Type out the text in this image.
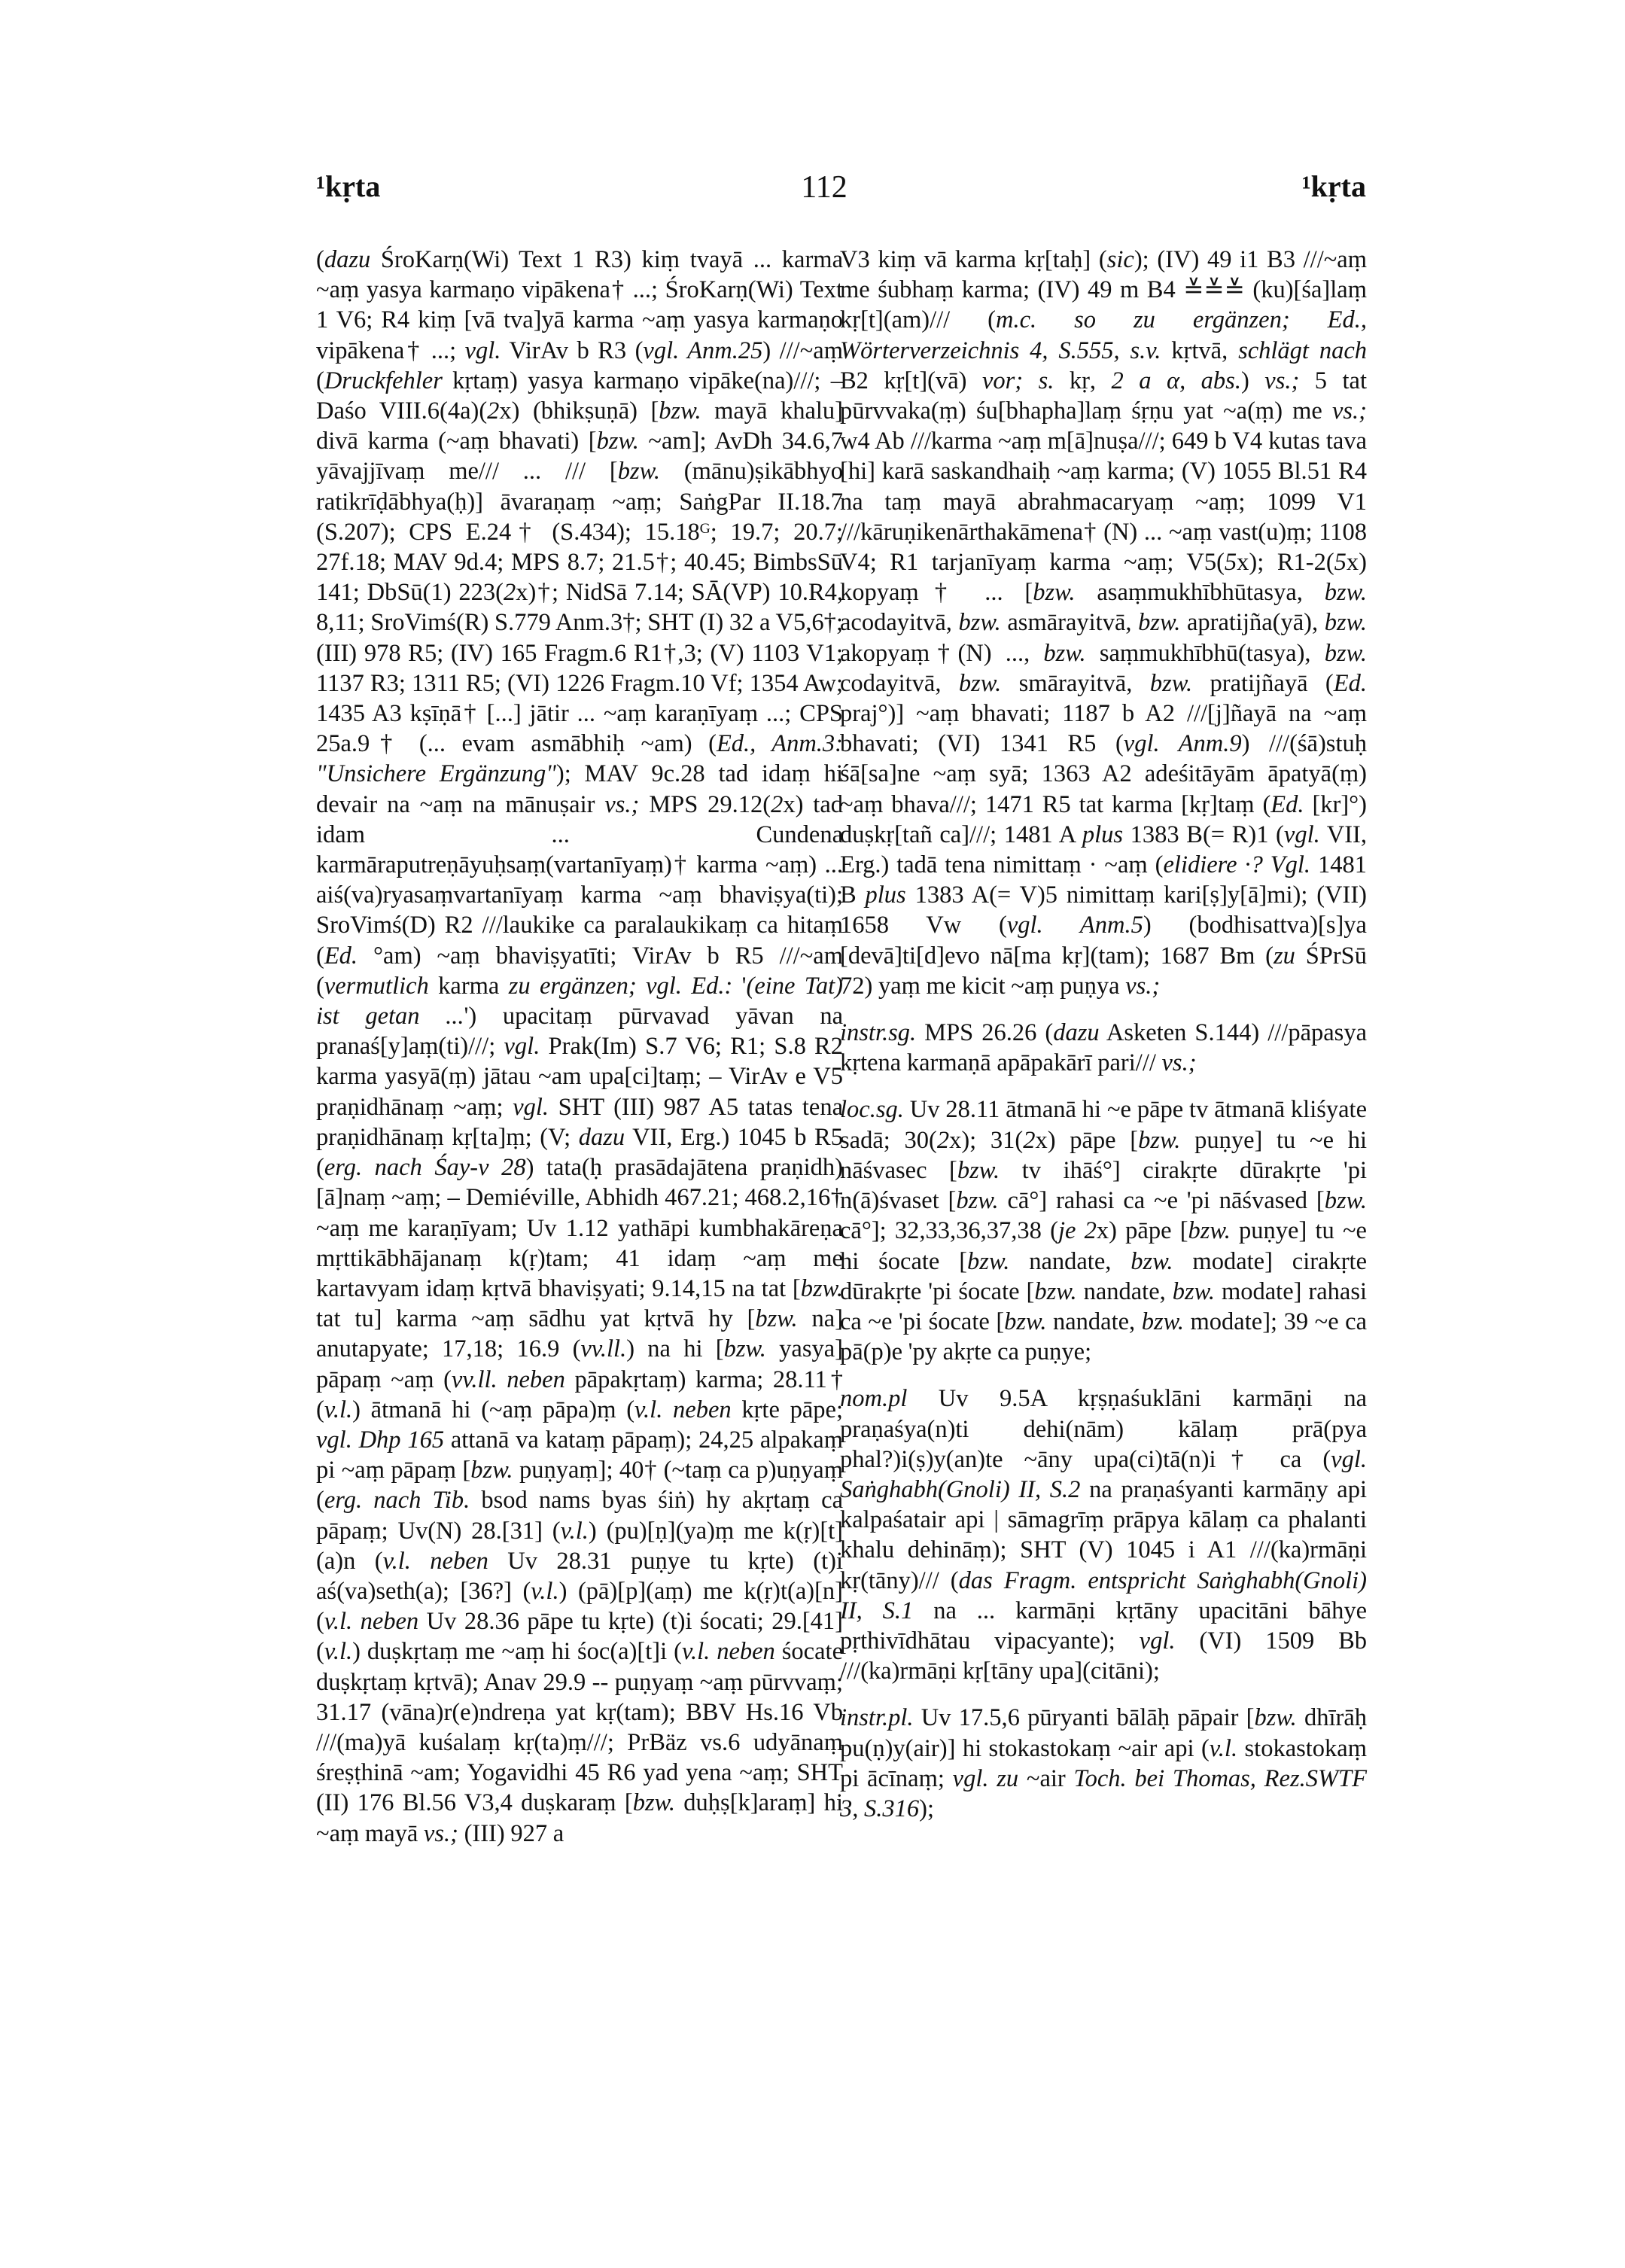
¹kṛta	112	¹kṛta
(dazu ŚroKarṇ(Wi) Text 1 R3) kiṃ tvayā ... karma ~aṃ yasya karmaṇo vipākena† ...; ŚroKarṇ(Wi) Text 1 V6; R4 kiṃ [vā tva]yā karma ~aṃ yasya karmaṇo vipākena† ...; vgl. VirAv b R3 (vgl. Anm.25) ///~aṃ (Druckfehler kṛtaṃ) yasya karmaṇo vipāke(na)///; – Daśo VIII.6(4a)(2x) (bhikṣuṇā) [bzw. mayā khalu] divā karma (~aṃ bhavati) [bzw. ~am]; AvDh 34.6,7 yāvajjīvaṃ me/// ... /// [bzw. (mānu)ṣikābhyo ratikrīḍābhya(ḥ)] āvaraṇaṃ ~aṃ; SaṅgPar II.18.7 (S.207); CPS E.24† (S.434); 15.18ᴳ; 19.7; 20.7; 27f.18; MAV 9d.4; MPS 8.7; 21.5†; 40.45; BimbsSū 141; DbSū(1) 223(2x)†; NidSā 7.14; SĀ(VP) 10.R4, 8,11; SroVimś(R) S.779 Anm.3†; SHT (I) 32 a V5,6†; (III) 978 R5; (IV) 165 Fragm.6 R1†,3; (V) 1103 V1; 1137 R3; 1311 R5; (VI) 1226 Fragm.10 Vf; 1354 Aw; 1435 A3 kṣīṇā† [...] jātir ... ~aṃ karaṇīyaṃ ...; CPS 25a.9† (... evam asmābhiḥ ~am) (Ed., Anm.3: "Unsichere Ergänzung"); MAV 9c.28 tad idaṃ hi devair na ~aṃ na mānuṣair vs.; MPS 29.12(2x) tad idam ... Cundena karmāraputreṇāyuḥsaṃ(vartanīyaṃ)† karma ~aṃ) ... aiś(va)ryasaṃvartanīyaṃ karma ~aṃ bhaviṣya(ti); SroVimś(D) R2 ///laukike ca paralaukikaṃ ca hitaṃ (Ed. °am) ~aṃ bhaviṣyatīti; VirAv b R5 ///~am (vermutlich karma zu ergänzen; vgl. Ed.: '(eine Tat) ist getan ...') upacitaṃ pūrvavad yāvan na pranaś[y]aṃ(ti)///; vgl. Prak(Im) S.7 V6; R1; S.8 R2 karma yasyā(ṃ) jātau ~am upa[ci]taṃ; – VirAv e V5 praṇidhānaṃ ~aṃ; vgl. SHT (III) 987 A5 tatas tena praṇidhānaṃ kṛ[ta]ṃ; (V; dazu VII, Erg.) 1045 b R5 (erg. nach Śay-v 28) tata(ḥ prasādajātena praṇidh)[ā]naṃ ~aṃ; – Demiéville, Abhidh 467.21; 468.2,16† ~aṃ me karaṇīyam; Uv 1.12 yathāpi kumbhakāreṇa mṛttikābhājanaṃ k(ṛ)tam; 41 idaṃ ~aṃ me kartavyam idaṃ kṛtvā bhaviṣyati; 9.14,15 na tat [bzw. tat tu] karma ~aṃ sādhu yat kṛtvā hy [bzw. na] anutapyate; 17,18; 16.9 (vv.ll.) na hi [bzw. yasya] pāpaṃ ~aṃ (vv.ll. neben pāpakṛtaṃ) karma; 28.11† (v.l.) ātmanā hi (~aṃ pāpa)ṃ (v.l. neben kṛte pāpe; vgl. Dhp 165 attanā va kataṃ pāpaṃ); 24,25 alpakaṃ pi ~aṃ pāpaṃ [bzw. puṇyaṃ]; 40† (~taṃ ca p)uṇyaṃ (erg. nach Tib. bsod nams byas śiṅ) hy akṛtaṃ ca pāpaṃ; Uv(N) 28.[31] (v.l.) (pu)[ṇ](ya)ṃ me k(ṛ)[t](a)n (v.l. neben Uv 28.31 puṇye tu kṛte) (t)i aś(va)seth(a); [36?] (v.l.) (pā)[p](aṃ) me k(ṛ)t(a)[n] (v.l. neben Uv 28.36 pāpe tu kṛte) (t)i śocati; 29.[41] (v.l.) duṣkṛtaṃ me ~aṃ hi śoc(a)[t]i (v.l. neben śocate duṣkṛtaṃ kṛtvā); Anav 29.9 -- puṇyaṃ ~aṃ pūrvvaṃ; 31.17 (vāna)r(e)ndreṇa yat kṛ(tam); BBV Hs.16 Vb ///(ma)yā kuśalaṃ kṛ(ta)ṃ///; PrBäz vs.6 udyānaṃ śreṣṭhinā ~am; Yogavidhi 45 R6 yad yena ~aṃ; SHT (II) 176 Bl.56 V3,4 duṣkaraṃ [bzw. duḥṣ[k]araṃ] hi ~aṃ mayā vs.; (III) 927 a
V3 kiṃ vā karma kṛ[taḥ] (sic); (IV) 49 i1 B3 ///~aṃ me śubhaṃ karma; (IV) 49 m B4 ≚≚≚ (ku)[śa]laṃ kṛ[t](am)/// (m.c. so zu ergänzen; Ed., Wörterverzeichnis 4, S.555, s.v. kṛtvā, schlägt nach B2 kṛ[t](vā) vor; s. kṛ, 2 a α, abs.) vs.; 5 tat pūrvvaka(ṃ) śu[bhapha]laṃ śṛṇu yat ~a(ṃ) me vs.; w4 Ab ///karma ~aṃ m[ā]nuṣa///; 649 b V4 kutas tava [hi] karā saskandhaiḥ ~aṃ karma; (V) 1055 Bl.51 R4 na taṃ mayā abrahmacaryaṃ ~aṃ; 1099 V1 ///kāruṇikenārthakāmena† (N) ... ~aṃ vast(u)ṃ; 1108 V4; R1 tarjanīyaṃ karma ~aṃ; V5(5x); R1-2(5x) kopyaṃ† ... [bzw. asaṃmukhībhūtasya, bzw. acodayitvā, bzw. asmārayitvā, bzw. apratijña(yā), bzw. akopyaṃ†(N) ..., bzw. saṃmukhībhū(tasya), bzw. codayitvā, bzw. smārayitvā, bzw. pratijñayā (Ed. praj°)] ~aṃ bhavati; 1187 b A2 ///[j]ñayā na ~aṃ bhavati; (VI) 1341 R5 (vgl. Anm.9) ///(śā)stuḥ śā[sa]ne ~aṃ syā; 1363 A2 adeśitāyām āpatyā(ṃ) ~aṃ bhava///; 1471 R5 tat karma [kṛ]taṃ (Ed. [kr]°) duṣkṛ[tañ ca]///; 1481 A plus 1383 B(= R)1 (vgl. VII, Erg.) tadā tena nimittaṃ · ~aṃ (elidiere ·? Vgl. 1481 B plus 1383 A(= V)5 nimittaṃ kari[ṣ]y[ā]mi); (VII) 1658 Vw (vgl. Anm.5) (bodhisattva)[s]ya [devā]ti[d]evo nā[ma kṛ](tam); 1687 Bm (zu ŚPrSū 72) yaṃ me kicit ~aṃ puṇya vs.;
instr.sg. MPS 26.26 (dazu Asketen S.144) ///pāpasya kṛtena karmaṇā apāpakārī pari/// vs.;
loc.sg. Uv 28.11 ātmanā hi ~e pāpe tv ātmanā kliśyate sadā; 30(2x); 31(2x) pāpe [bzw. puṇye] tu ~e hi nāśvasec [bzw. tv ihāś°] cirakṛte dūrakṛte 'pi n(ā)śvaset [bzw. cā°] rahasi ca ~e 'pi nāśvased [bzw. cā°]; 32,33,36,37,38 (je 2x) pāpe [bzw. puṇye] tu ~e hi śocate [bzw. nandate, bzw. modate] cirakṛte dūrakṛte 'pi śocate [bzw. nandate, bzw. modate] rahasi ca ~e 'pi śocate [bzw. nandate, bzw. modate]; 39 ~e ca pā(p)e 'py akṛte ca puṇye;
nom.pl Uv 9.5A kṛṣṇaśuklāni karmāṇi na praṇaśya(n)ti dehi(nām) kālaṃ prā(pya phal?)i(ṣ)y(an)te ~āny upa(ci)tā(n)i† ca (vgl. Saṅghabh(Gnoli) II, S.2 na praṇaśyanti karmāṇy api kalpaśatair api | sāmagrīṃ prāpya kālaṃ ca phalanti khalu dehināṃ); SHT (V) 1045 i A1 ///(ka)rmāṇi kṛ(tāny)/// (das Fragm. entspricht Saṅghabh(Gnoli) II, S.1 na ... karmāṇi kṛtāny upacitāni bāhye pṛthivīdhātau vipacyante); vgl. (VI) 1509 Bb ///(ka)rmāṇi kṛ[tāny upa](citāni);
instr.pl. Uv 17.5,6 pūryanti bālāḥ pāpair [bzw. dhīrāḥ pu(ṇ)y(air)] hi stokastokaṃ ~air api (v.l. stokastokaṃ pi ācīnaṃ; vgl. zu ~air Toch. bei Thomas, Rez.SWTF 3, S.316);
